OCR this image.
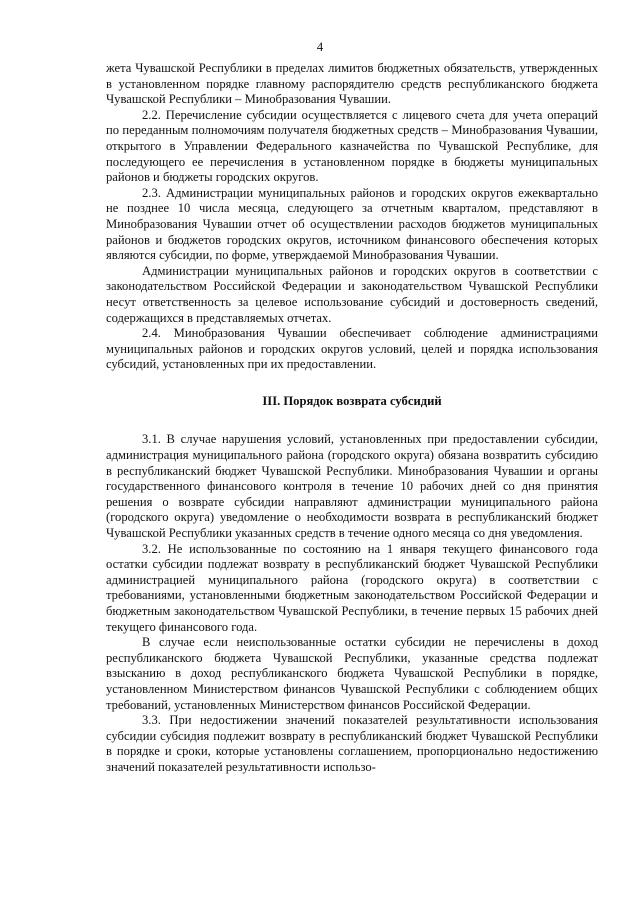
4

жета Чувашской Республики в пределах лимитов бюджетных обязательств, утвержденных в установленном порядке главному распорядителю средств республиканского бюджета Чувашской Республики – Минобразования Чувашии.

2.2. Перечисление субсидии осуществляется с лицевого счета для учета операций по переданным полномочиям получателя бюджетных средств – Минобразования Чувашии, открытого в Управлении Федерального казначейства по Чувашской Республике, для последующего ее перечисления в установленном порядке в бюджеты муниципальных районов и бюджеты городских округов.

2.3. Администрации муниципальных районов и городских округов ежеквартально не позднее 10 числа месяца, следующего за отчетным кварталом, представляют в Минобразования Чувашии отчет об осуществлении расходов бюджетов муниципальных районов и бюджетов городских округов, источником финансового обеспечения которых являются субсидии, по форме, утверждаемой Минобразования Чувашии.

Администрации муниципальных районов и городских округов в соответствии с законодательством Российской Федерации и законодательством Чувашской Республики несут ответственность за целевое использование субсидий и достоверность сведений, содержащихся в представляемых отчетах.

2.4. Минобразования Чувашии обеспечивает соблюдение администрациями муниципальных районов и городских округов условий, целей и порядка использования субсидий, установленных при их предоставлении.

III. Порядок возврата субсидий

3.1. В случае нарушения условий, установленных при предоставлении субсидии, администрация муниципального района (городского округа) обязана возвратить субсидию в республиканский бюджет Чувашской Республики. Минобразования Чувашии и органы государственного финансового контроля в течение 10 рабочих дней со дня принятия решения о возврате субсидии направляют администрации муниципального района (городского округа) уведомление о необходимости возврата в республиканский бюджет Чувашской Республики указанных средств в течение одного месяца со дня уведомления.

3.2. Не использованные по состоянию на 1 января текущего финансового года остатки субсидии подлежат возврату в республиканский бюджет Чувашской Республики администрацией муниципального района (городского округа) в соответствии с требованиями, установленными бюджетным законодательством Российской Федерации и бюджетным законодательством Чувашской Республики, в течение первых 15 рабочих дней текущего финансового года.

В случае если неиспользованные остатки субсидии не перечислены в доход республиканского бюджета Чувашской Республики, указанные средства подлежат взысканию в доход республиканского бюджета Чувашской Республики в порядке, установленном Министерством финансов Чувашской Республики с соблюдением общих требований, установленных Министерством финансов Российской Федерации.

3.3. При недостижении значений показателей результативности использования субсидии субсидия подлежит возврату в республиканский бюджет Чувашской Республики в порядке и сроки, которые установлены соглашением, пропорционально недостижению значений показателей результативности использо-
